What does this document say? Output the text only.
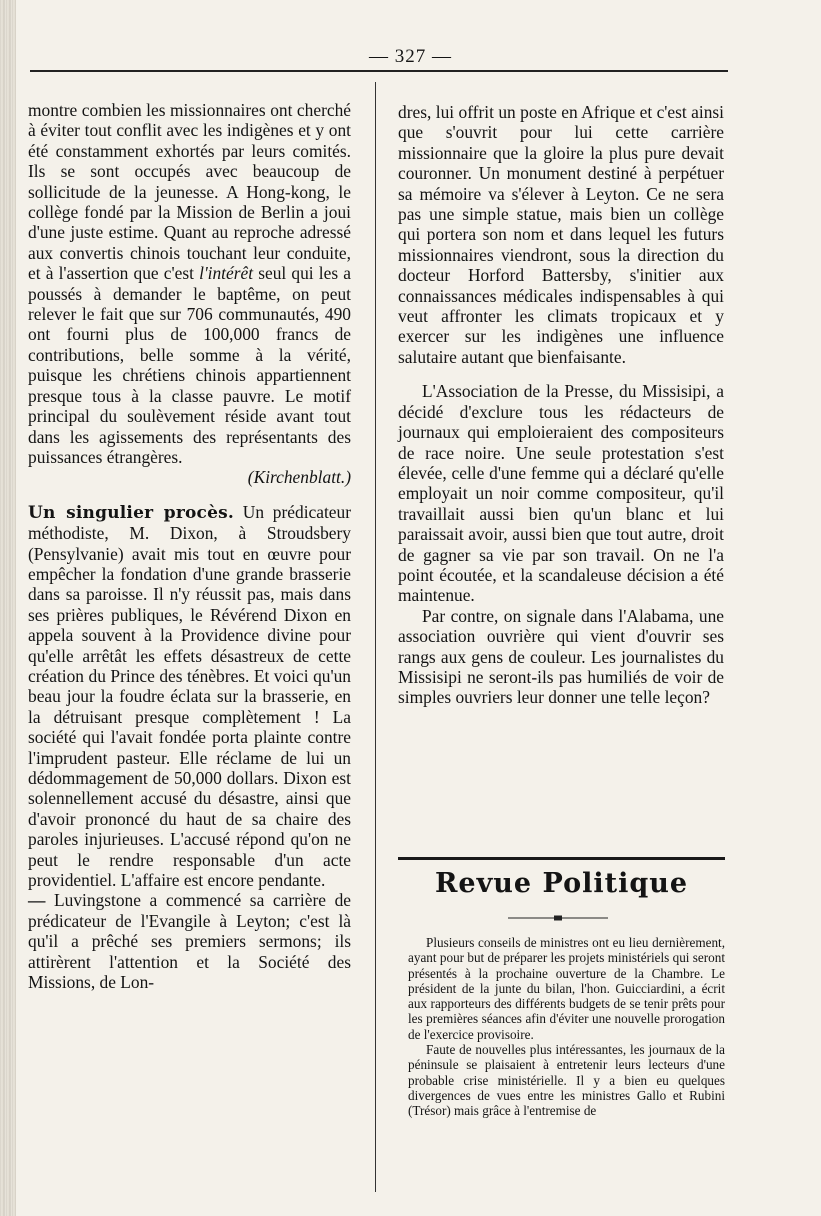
— 327 —

montre combien les missionnaires ont cherché à éviter tout conflit avec les indigènes et y ont été constamment exhortés par leurs comités. Ils se sont occupés avec beaucoup de sollicitude de la jeunesse. A Hong-kong, le collège fondé par la Mission de Berlin a joui d'une juste estime. Quant au reproche adressé aux convertis chinois touchant leur conduite, et à l'assertion que c'est l'intérêt seul qui les a poussés à demander le baptême, on peut relever le fait que sur 706 communautés, 490 ont fourni plus de 100,000 francs de contributions, belle somme à la vérité, puisque les chrétiens chinois appartiennent presque tous à la classe pauvre. Le motif principal du soulèvement réside avant tout dans les agissements des représentants des puissances étrangères.

(Kirchenblatt.)

Un singulier procès. Un prédicateur méthodiste, M. Dixon, à Stroudsbery (Pensylvanie) avait mis tout en œuvre pour empêcher la fondation d'une grande brasserie dans sa paroisse. Il n'y réussit pas, mais dans ses prières publiques, le Révérend Dixon en appela souvent à la Providence divine pour qu'elle arrêtât les effets désastreux de cette création du Prince des ténèbres. Et voici qu'un beau jour la foudre éclata sur la brasserie, en la détruisant presque complètement ! La société qui l'avait fondée porta plainte contre l'imprudent pasteur. Elle réclame de lui un dédommagement de 50,000 dollars. Dixon est solennellement accusé du désastre, ainsi que d'avoir prononcé du haut de sa chaire des paroles injurieuses. L'accusé répond qu'on ne peut le rendre responsable d'un acte providentiel. L'affaire est encore pendante.

— Luvingstone a commencé sa carrière de prédicateur de l'Evangile à Leyton; c'est là qu'il a prêché ses premiers sermons; ils attirèrent l'attention et la Société des Missions, de Lon-

dres, lui offrit un poste en Afrique et c'est ainsi que s'ouvrit pour lui cette carrière missionnaire que la gloire la plus pure devait couronner. Un monument destiné à perpétuer sa mémoire va s'élever à Leyton. Ce ne sera pas une simple statue, mais bien un collège qui portera son nom et dans lequel les futurs missionnaires viendront, sous la direction du docteur Horford Battersby, s'initier aux connaissances médicales indispensables à qui veut affronter les climats tropicaux et y exercer sur les indigènes une influence salutaire autant que bienfaisante.

L'Association de la Presse, du Missisipi, a décidé d'exclure tous les rédacteurs de journaux qui emploieraient des compositeurs de race noire. Une seule protestation s'est élevée, celle d'une femme qui a déclaré qu'elle employait un noir comme compositeur, qu'il travaillait aussi bien qu'un blanc et lui paraissait avoir, aussi bien que tout autre, droit de gagner sa vie par son travail. On ne l'a point écoutée, et la scandaleuse décision a été maintenue.

Par contre, on signale dans l'Alabama, une association ouvrière qui vient d'ouvrir ses rangs aux gens de couleur. Les journalistes du Missisipi ne seront-ils pas humiliés de voir de simples ouvriers leur donner une telle leçon?

Revue Politique

Plusieurs conseils de ministres ont eu lieu dernièrement, ayant pour but de préparer les projets ministériels qui seront présentés à la prochaine ouverture de la Chambre. Le président de la junte du bilan, l'hon. Guicciardini, a écrit aux rapporteurs des différents budgets de se tenir prêts pour les premières séances afin d'éviter une nouvelle prorogation de l'exercice provisoire.

Faute de nouvelles plus intéressantes, les journaux de la péninsule se plaisaient à entretenir leurs lecteurs d'une probable crise ministérielle. Il y a bien eu quelques divergences de vues entre les ministres Gallo et Rubini (Trésor) mais grâce à l'entremise de
